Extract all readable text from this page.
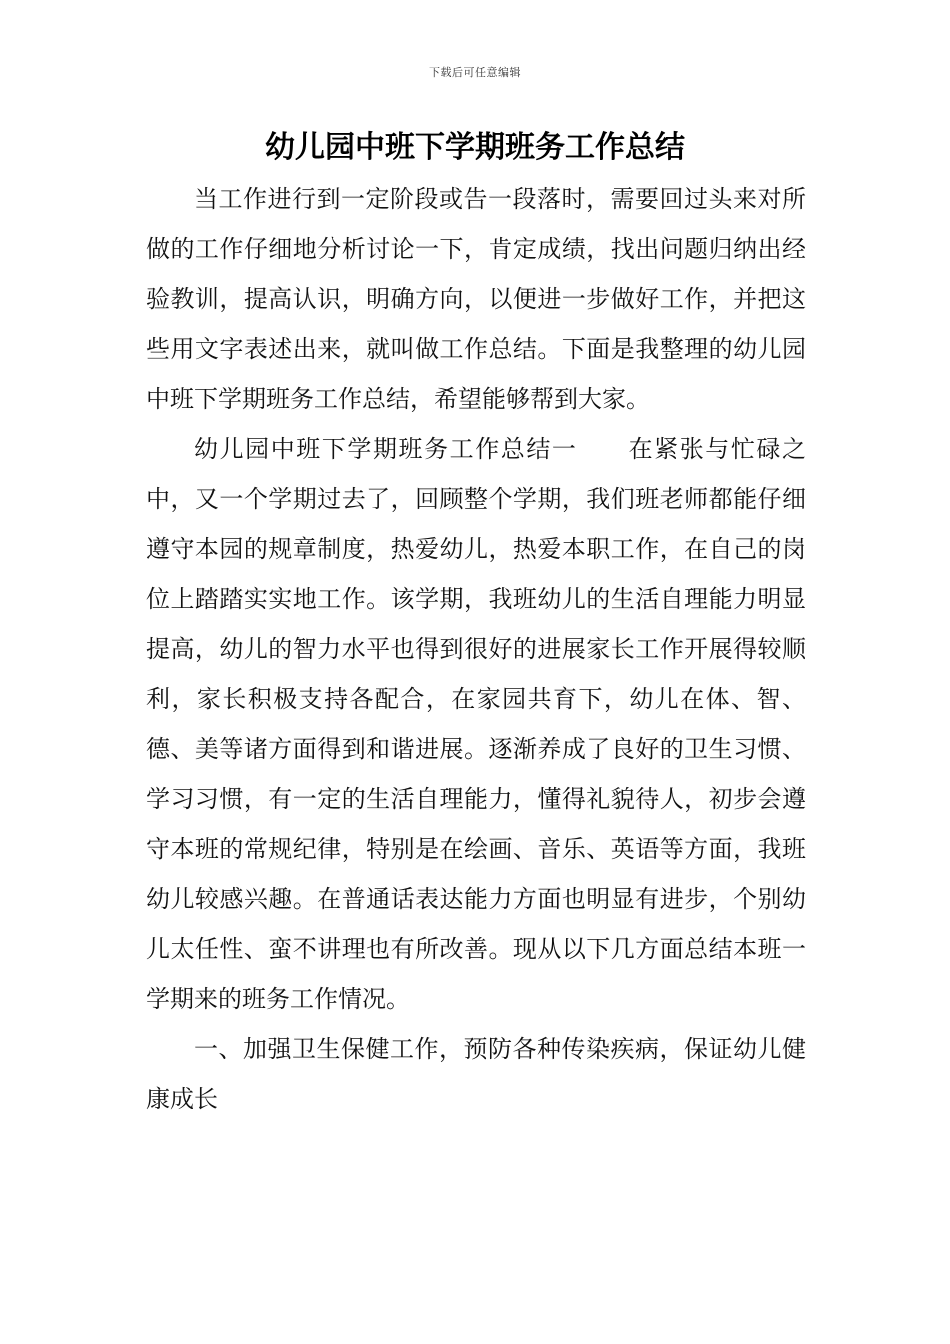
下载后可任意编辑
幼儿园中班下学期班务工作总结

当工作进行到一定阶段或告一段落时，需要回过头来对所做的工作仔细地分析讨论一下，肯定成绩，找出问题归纳出经验教训，提高认识，明确方向，以便进一步做好工作，并把这些用文字表述出来，就叫做工作总结。下面是我整理的幼儿园中班下学期班务工作总结，希望能够帮到大家。

幼儿园中班下学期班务工作总结一　　在紧张与忙碌之中，又一个学期过去了，回顾整个学期，我们班老师都能仔细遵守本园的规章制度，热爱幼儿，热爱本职工作，在自己的岗位上踏踏实实地工作。该学期，我班幼儿的生活自理能力明显提高，幼儿的智力水平也得到很好的进展家长工作开展得较顺利，家长积极支持各配合，在家园共育下，幼儿在体、智、德、美等诸方面得到和谐进展。逐渐养成了良好的卫生习惯、学习习惯，有一定的生活自理能力，懂得礼貌待人，初步会遵守本班的常规纪律，特别是在绘画、音乐、英语等方面，我班幼儿较感兴趣。在普通话表达能力方面也明显有进步，个别幼儿太任性、蛮不讲理也有所改善。现从以下几方面总结本班一学期来的班务工作情况。

一、加强卫生保健工作，预防各种传染疾病，保证幼儿健康成长
